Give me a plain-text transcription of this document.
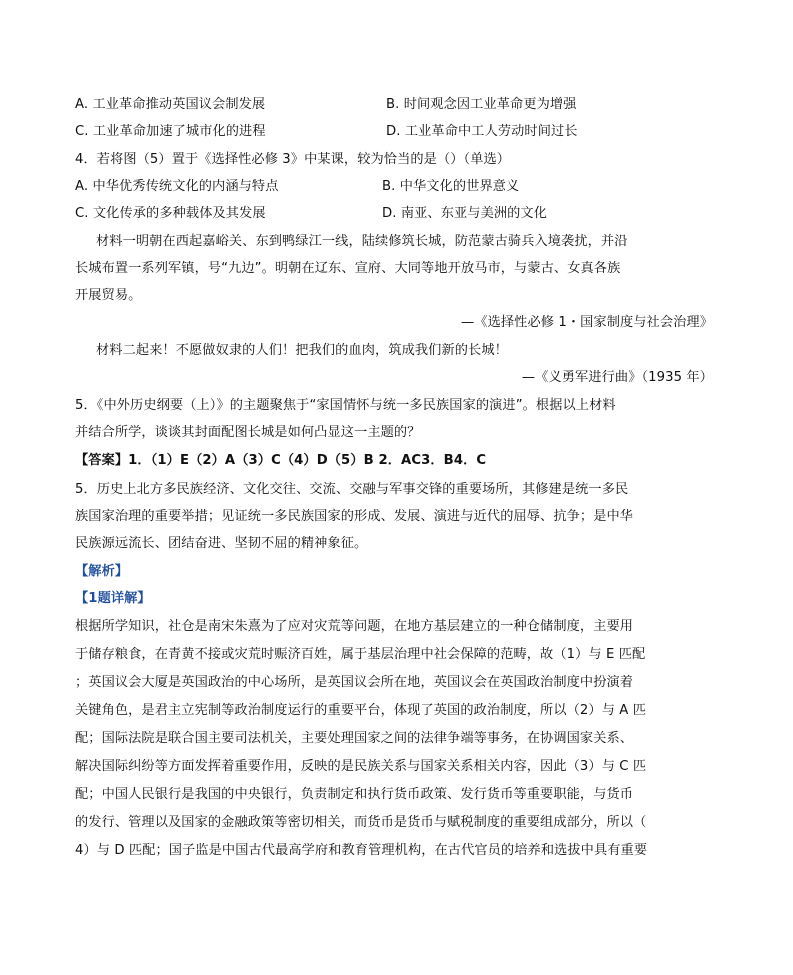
A. 工业革命推动英国议会制发展	B. 时间观念因工业革命更为增强
C. 工业革命加速了城市化的进程	D. 工业革命中工人劳动时间过长
4．若将图（5）置于《选择性必修 3》中某课，较为恰当的是（）（单选）
A. 中华优秀传统文化的内涵与特点	B. 中华文化的世界意义
C. 文化传承的多种载体及其发展	D. 南亚、东亚与美洲的文化
材料一明朝在西起嘉峪关、东到鸭绿江一线，陆续修筑长城，防范蒙古骑兵入境袭扰，并沿
长城布置一系列军镇，号“九边”。明朝在辽东、宣府、大同等地开放马市，与蒙古、女真各族
开展贸易。
—《选择性必修 1・国家制度与社会治理》
材料二起来！不愿做奴隶的人们！把我们的血肉，筑成我们新的长城！
—《义勇军进行曲》（1935 年）
5．《中外历史纲要（上）》的主题聚焦于“家国情怀与统一多民族国家的演进”。根据以上材料
并结合所学，谈谈其封面配图长城是如何凸显这一主题的？
【答案】1．（1）E（2）A（3）C（4）D（5）B 2．AC3．B4．C
5．历史上北方多民族经济、文化交往、交流、交融与军事交锋的重要场所，其修建是统一多民
族国家治理的重要举措；见证统一多民族国家的形成、发展、演进与近代的屈辱、抗争；是中华
民族源远流长、团结奋进、坚韧不屈的精神象征。
【解析】
【1题详解】
根据所学知识，社仓是南宋朱熹为了应对灾荒等问题，在地方基层建立的一种仓储制度，主要用
于储存粮食，在青黄不接或灾荒时赈济百姓，属于基层治理中社会保障的范畴，故（1）与 E 匹配
；英国议会大厦是英国政治的中心场所，是英国议会所在地，英国议会在英国政治制度中扮演着
关键角色，是君主立宪制等政治制度运行的重要平台，体现了英国的政治制度，所以（2）与 A 匹
配；国际法院是联合国主要司法机关，主要处理国家之间的法律争端等事务，在协调国家关系、
解决国际纠纷等方面发挥着重要作用，反映的是民族关系与国家关系相关内容，因此（3）与 C 匹
配；中国人民银行是我国的中央银行，负责制定和执行货币政策、发行货币等重要职能，与货币
的发行、管理以及国家的金融政策等密切相关，而货币是货币与赋税制度的重要组成部分，所以（
4）与 D 匹配；国子监是中国古代最高学府和教育管理机构，在古代官员的培养和选拔中具有重要
